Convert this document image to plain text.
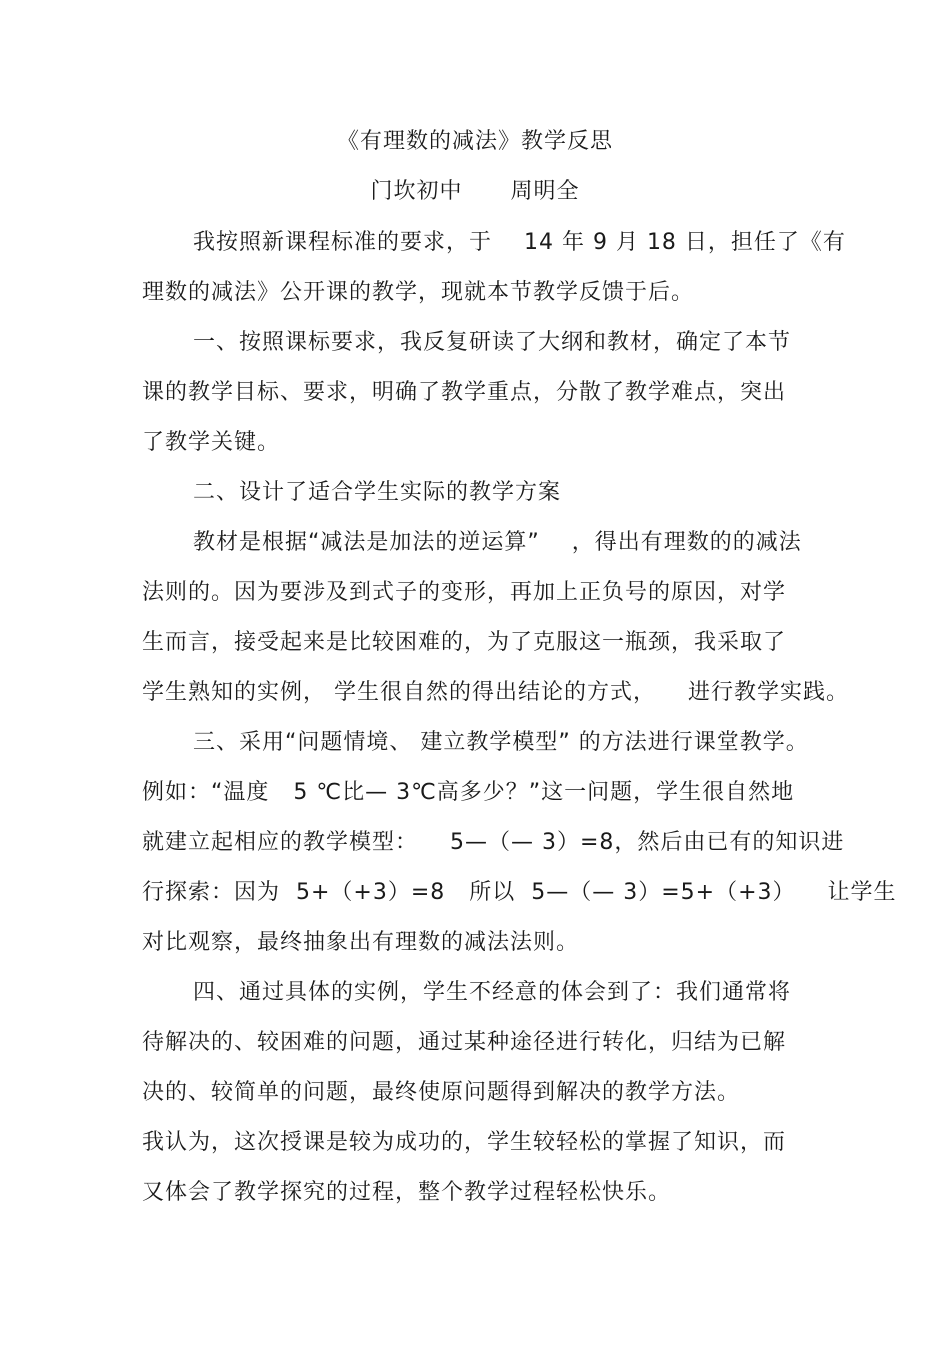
《有理数的减法》教学反思
门坎初中      周明全
我按照新课程标准的要求，于    14 年 9 月 18 日，担任了《有
理数的减法》公开课的教学，现就本节教学反馈于后。
一、按照课标要求，我反复研读了大纲和教材，确定了本节
课的教学目标、要求，明确了教学重点，分散了教学难点，突出
了教学关键。
二、设计了适合学生实际的教学方案
教材是根据“减法是加法的逆运算”    ，得出有理数的的减法
法则的。因为要涉及到式子的变形，再加上正负号的原因，对学
生而言，接受起来是比较困难的，为了克服这一瓶颈，我采取了
学生熟知的实例， 学生很自然的得出结论的方式，    进行教学实践。
三、采用“问题情境、 建立教学模型” 的方法进行课堂教学。
例如：“温度   5 ℃比— 3℃高多少？”这一问题，学生很自然地
就建立起相应的教学模型：    5—（— 3）=8，然后由已有的知识进
行探索：因为  5+（+3）=8   所以  5—（— 3）=5+（+3）    让学生
对比观察，最终抽象出有理数的减法法则。
四、通过具体的实例，学生不经意的体会到了：我们通常将
待解决的、较困难的问题，通过某种途径进行转化，归结为已解
决的、较简单的问题，最终使原问题得到解决的教学方法。
我认为，这次授课是较为成功的，学生较轻松的掌握了知识，而
又体会了教学探究的过程，整个教学过程轻松快乐。
